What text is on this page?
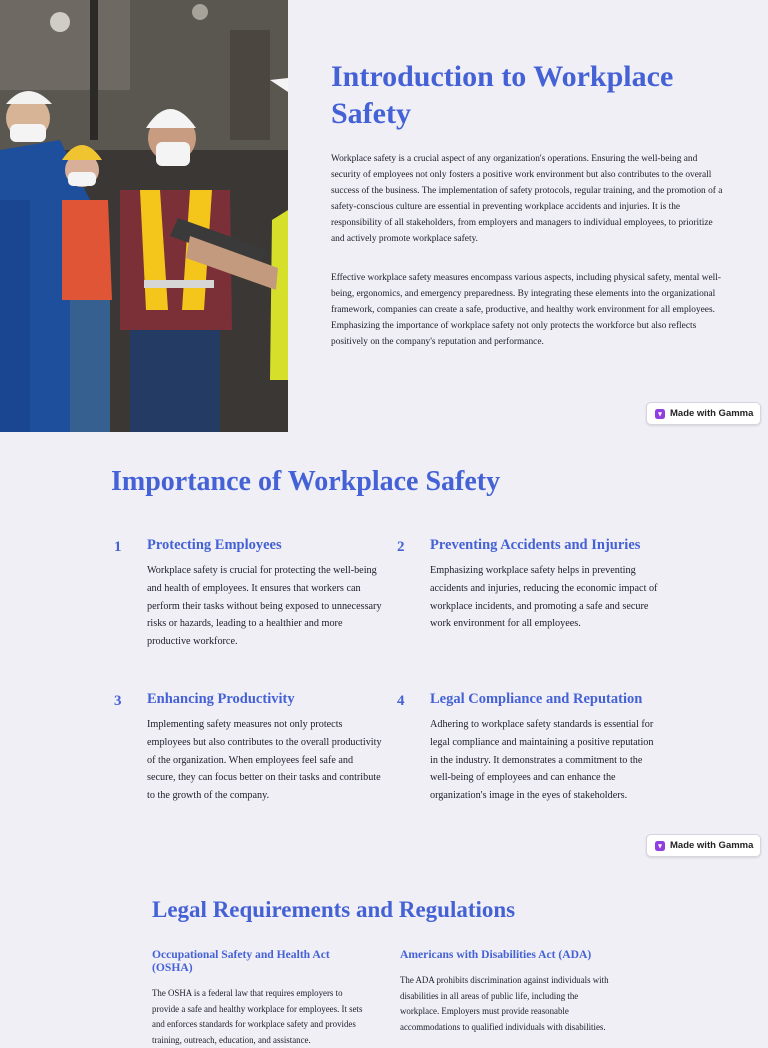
Introduction to Workplace Safety

Workplace safety is a crucial aspect of any organization's operations. Ensuring the well-being and security of employees not only fosters a positive work environment but also contributes to the overall success of the business. The implementation of safety protocols, regular training, and the promotion of a safety-conscious culture are essential in preventing workplace accidents and injuries. It is the responsibility of all stakeholders, from employers and managers to individual employees, to prioritize and actively promote workplace safety.

Effective workplace safety measures encompass various aspects, including physical safety, mental well-being, ergonomics, and emergency preparedness. By integrating these elements into the organizational framework, companies can create a safe, productive, and healthy work environment for all employees. Emphasizing the importance of workplace safety not only protects the workforce but also reflects positively on the company's reputation and performance.

Made with Gamma
Importance of Workplace Safety
1 Protecting Employees
Workplace safety is crucial for protecting the well-being and health of employees. It ensures that workers can perform their tasks without being exposed to unnecessary risks or hazards, leading to a healthier and more productive workforce.
2 Preventing Accidents and Injuries
Emphasizing workplace safety helps in preventing accidents and injuries, reducing the economic impact of workplace incidents, and promoting a safe and secure work environment for all employees.
3 Enhancing Productivity
Implementing safety measures not only protects employees but also contributes to the overall productivity of the organization. When employees feel safe and secure, they can focus better on their tasks and contribute to the growth of the company.
4 Legal Compliance and Reputation
Adhering to workplace safety standards is essential for legal compliance and maintaining a positive reputation in the industry. It demonstrates a commitment to the well-being of employees and can enhance the organization's image in the eyes of stakeholders.
Made with Gamma
Legal Requirements and Regulations
Occupational Safety and Health Act (OSHA)
The OSHA is a federal law that requires employers to provide a safe and healthy workplace for employees. It sets and enforces standards for workplace safety and provides training, outreach, education, and assistance.
Americans with Disabilities Act (ADA)
The ADA prohibits discrimination against individuals with disabilities in all areas of public life, including the workplace. Employers must provide reasonable accommodations to qualified individuals with disabilities.
